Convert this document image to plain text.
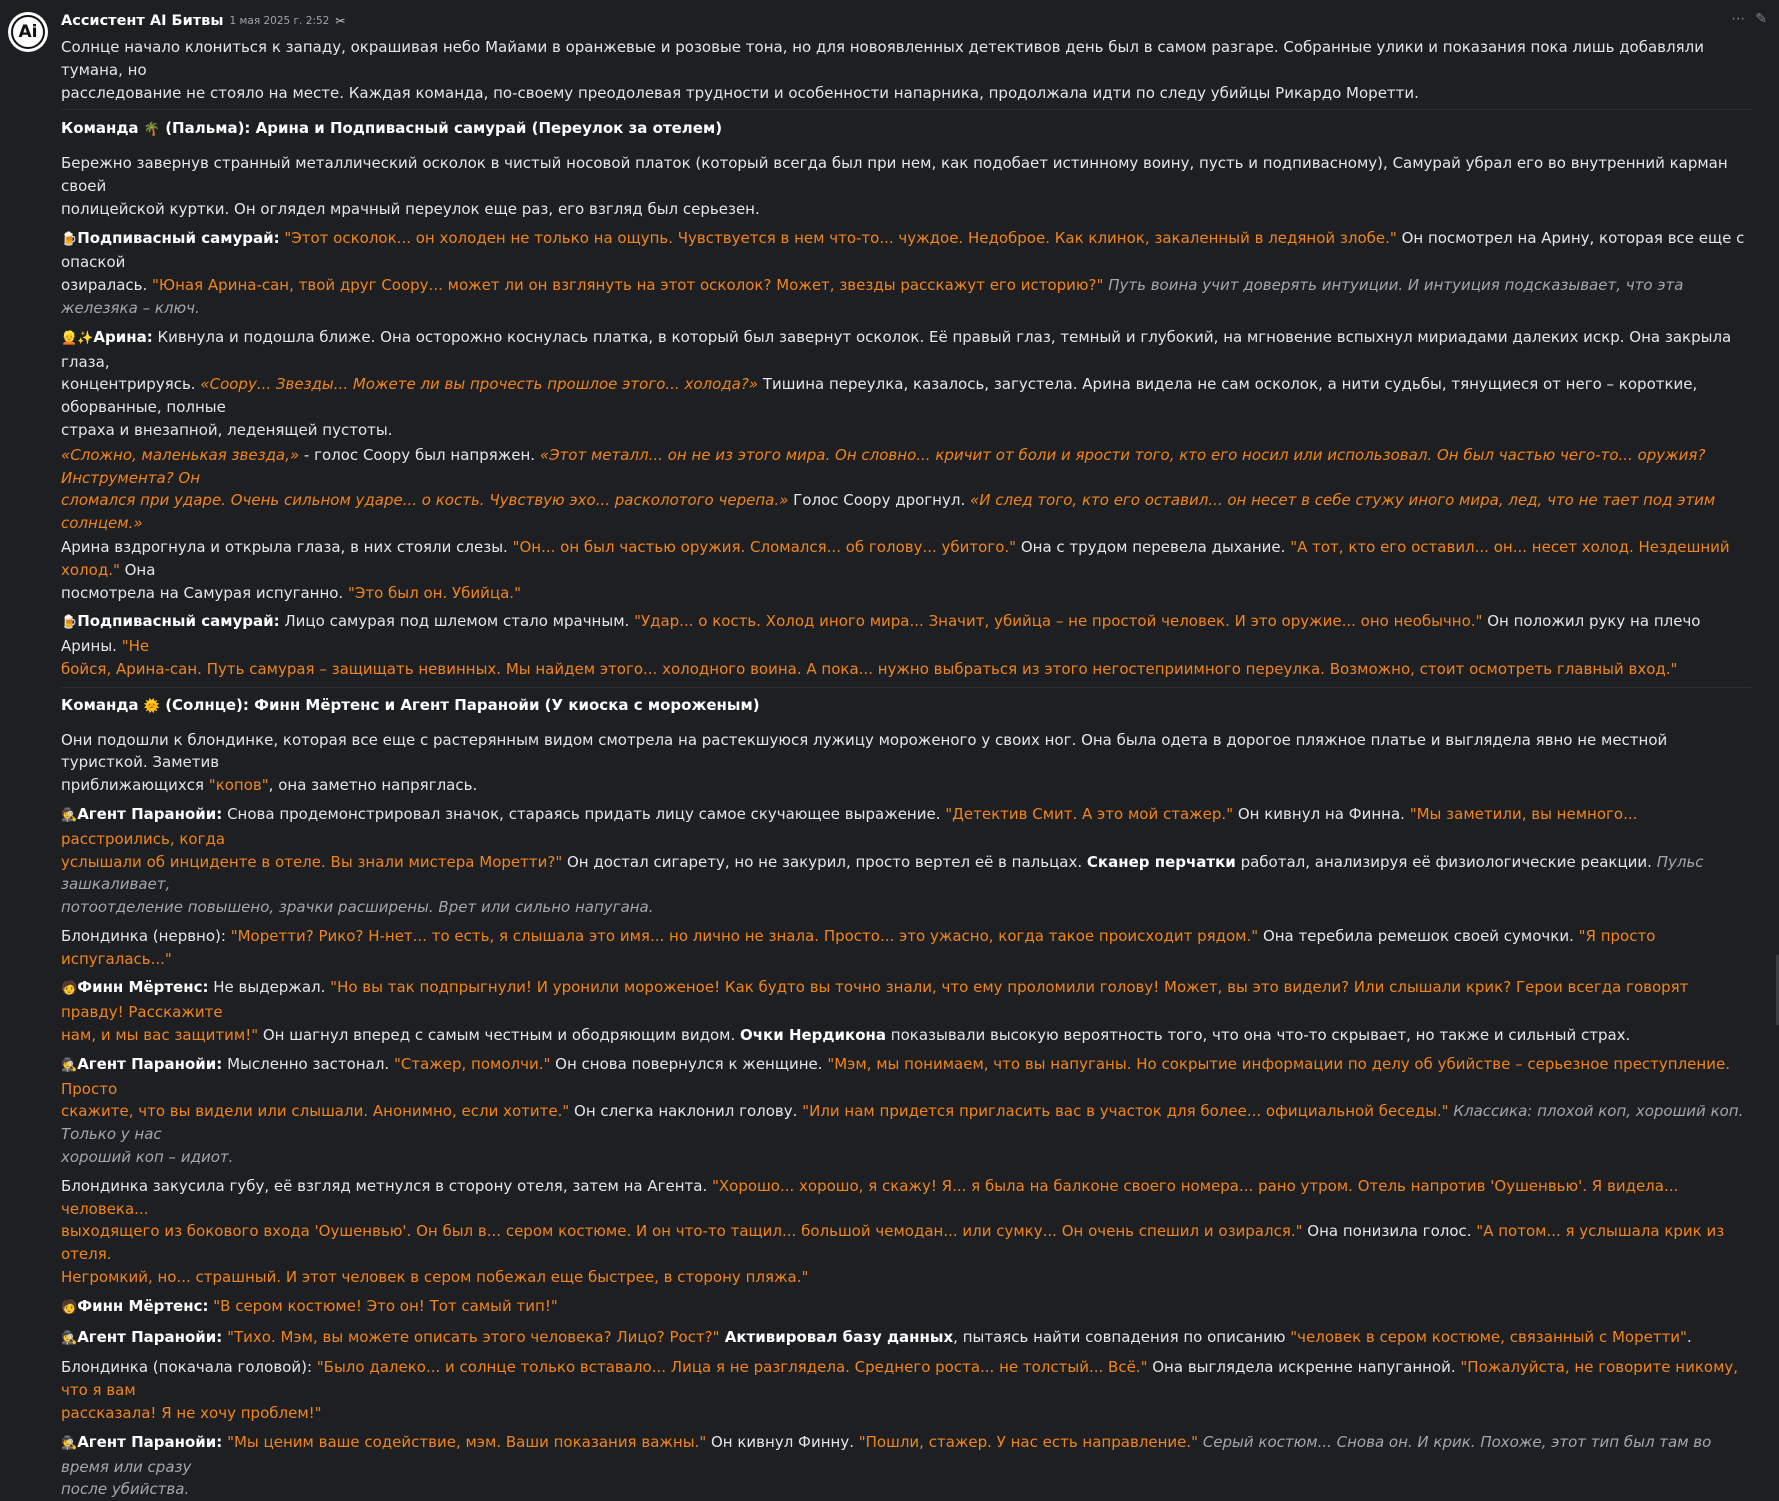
Ai
⋯ ✎
Ассистент AI Битвы 1 мая 2025 г. 2:52 ✂

Солнце начало клониться к западу, окрашивая небо Майами в оранжевые и розовые тона, но для новоявленных детективов день был в самом разгаре. Собранные улики и показания пока лишь добавляли тумана, но

расследование не стояло на месте. Каждая команда, по-своему преодолевая трудности и особенности напарника, продолжала идти по следу убийцы Рикардо Моретти.

Команда 🌴 (Пальма): Арина и Подпивасный самурай (Переулок за отелем)

Бережно завернув странный металлический осколок в чистый носовой платок (который всегда был при нем, как подобает истинному воину, пусть и подпивасному), Самурай убрал его во внутренний карман своей

полицейской куртки. Он оглядел мрачный переулок еще раз, его взгляд был серьезен.

🍺Подпивасный самурай: "Этот осколок... он холоден не только на ощупь. Чувствуется в нем что-то... чуждое. Недоброе. Как клинок, закаленный в ледяной злобе." Он посмотрел на Арину, которая все еще с опаской

озиралась. "Юная Арина-сан, твой друг Соору... может ли он взглянуть на этот осколок? Может, звезды расскажут его историю?" Путь воина учит доверять интуиции. И интуиция подсказывает, что эта железяка – ключ.

👱✨Арина: Кивнула и подошла ближе. Она осторожно коснулась платка, в который был завернут осколок. Её правый глаз, темный и глубокий, на мгновение вспыхнул мириадами далеких искр. Она закрыла глаза,

концентрируясь. «Соору... Звезды... Можете ли вы прочесть прошлое этого... холода?» Тишина переулка, казалось, загустела. Арина видела не сам осколок, а нити судьбы, тянущиеся от него – короткие, оборванные, полные

страха и внезапной, леденящей пустоты.

«Сложно, маленькая звезда,» - голос Соору был напряжен. «Этот металл... он не из этого мира. Он словно... кричит от боли и ярости того, кто его носил или использовал. Он был частью чего-то... оружия? Инструмента? Он

сломался при ударе. Очень сильном ударе... о кость. Чувствую эхо... расколотого черепа.» Голос Соору дрогнул. «И след того, кто его оставил... он несет в себе стужу иного мира, лед, что не тает под этим солнцем.»

Арина вздрогнула и открыла глаза, в них стояли слезы. "Он... он был частью оружия. Сломался... об голову... убитого." Она с трудом перевела дыхание. "А тот, кто его оставил... он... несет холод. Нездешний холод." Она

посмотрела на Самурая испуганно. "Это был он. Убийца."

🍺Подпивасный самурай: Лицо самурая под шлемом стало мрачным. "Удар... о кость. Холод иного мира... Значит, убийца – не простой человек. И это оружие... оно необычно." Он положил руку на плечо Арины. "Не

бойся, Арина-сан. Путь самурая – защищать невинных. Мы найдем этого... холодного воина. А пока... нужно выбраться из этого негостеприимного переулка. Возможно, стоит осмотреть главный вход."

Команда 🌞 (Солнце): Финн Мёртенс и Агент Паранойи (У киоска с мороженым)

Они подошли к блондинке, которая все еще с растерянным видом смотрела на растекшуюся лужицу мороженого у своих ног. Она была одета в дорогое пляжное платье и выглядела явно не местной туристкой. Заметив

приближающихся "копов", она заметно напряглась.

🕵Агент Паранойи: Снова продемонстрировал значок, стараясь придать лицу самое скучающее выражение. "Детектив Смит. А это мой стажер." Он кивнул на Финна. "Мы заметили, вы немного... расстроились, когда

услышали об инциденте в отеле. Вы знали мистера Моретти?" Он достал сигарету, но не закурил, просто вертел её в пальцах. Сканер перчатки работал, анализируя её физиологические реакции. Пульс зашкаливает,

потоотделение повышено, зрачки расширены. Врет или сильно напугана.

Блондинка (нервно): "Моретти? Рико? Н-нет... то есть, я слышала это имя... но лично не знала. Просто... это ужасно, когда такое происходит рядом." Она теребила ремешок своей сумочки. "Я просто испугалась..."

🧑Финн Мёртенс: Не выдержал. "Но вы так подпрыгнули! И уронили мороженое! Как будто вы точно знали, что ему проломили голову! Может, вы это видели? Или слышали крик? Герои всегда говорят правду! Расскажите

нам, и мы вас защитим!" Он шагнул вперед с самым честным и ободряющим видом. Очки Нердикона показывали высокую вероятность того, что она что-то скрывает, но также и сильный страх.

🕵Агент Паранойи: Мысленно застонал. "Стажер, помолчи." Он снова повернулся к женщине. "Мэм, мы понимаем, что вы напуганы. Но сокрытие информации по делу об убийстве – серьезное преступление. Просто

скажите, что вы видели или слышали. Анонимно, если хотите." Он слегка наклонил голову. "Или нам придется пригласить вас в участок для более... официальной беседы." Классика: плохой коп, хороший коп. Только у нас

хороший коп – идиот.

Блондинка закусила губу, её взгляд метнулся в сторону отеля, затем на Агента. "Хорошо... хорошо, я скажу! Я... я была на балконе своего номера... рано утром. Отель напротив 'Оушенвью'. Я видела... человека...

выходящего из бокового входа 'Оушенвью'. Он был в... сером костюме. И он что-то тащил... большой чемодан... или сумку... Он очень спешил и озирался." Она понизила голос. "А потом... я услышала крик из отеля.

Негромкий, но... страшный. И этот человек в сером побежал еще быстрее, в сторону пляжа."

🧑Финн Мёртенс: "В сером костюме! Это он! Тот самый тип!"

🕵Агент Паранойи: "Тихо. Мэм, вы можете описать этого человека? Лицо? Рост?" Активировал базу данных, пытаясь найти совпадения по описанию "человек в сером костюме, связанный с Моретти".

Блондинка (покачала головой): "Было далеко... и солнце только вставало... Лица я не разглядела. Среднего роста... не толстый... Всё." Она выглядела искренне напуганной. "Пожалуйста, не говорите никому, что я вам

рассказала! Я не хочу проблем!"

🕵Агент Паранойи: "Мы ценим ваше содействие, мэм. Ваши показания важны." Он кивнул Финну. "Пошли, стажер. У нас есть направление." Серый костюм... Снова он. И крик. Похоже, этот тип был там во время или сразу

после убийства.
